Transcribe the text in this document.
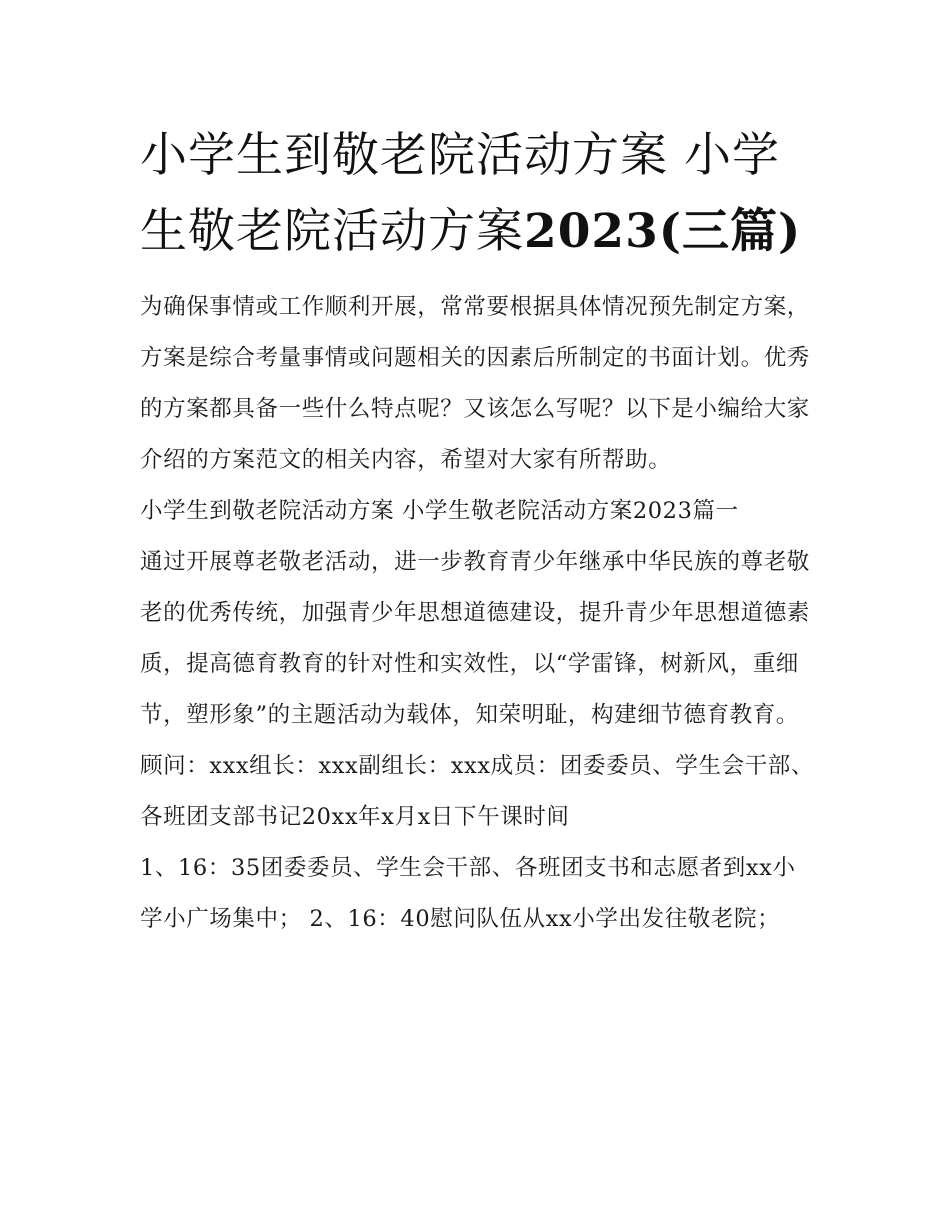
小学生到敬老院活动方案 小学生敬老院活动方案2023(三篇)

为确保事情或工作顺利开展，常常要根据具体情况预先制定方案，方案是综合考量事情或问题相关的因素后所制定的书面计划。优秀的方案都具备一些什么特点呢？又该怎么写呢？以下是小编给大家介绍的方案范文的相关内容，希望对大家有所帮助。

小学生到敬老院活动方案 小学生敬老院活动方案2023篇一

通过开展尊老敬老活动，进一步教育青少年继承中华民族的尊老敬老的优秀传统，加强青少年思想道德建设，提升青少年思想道德素质，提高德育教育的针对性和实效性，以“学雷锋，树新风，重细节，塑形象”的主题活动为载体，知荣明耻，构建细节德育教育。

顾问：xxx组长：xxx副组长：xxx成员：团委委员、学生会干部、各班团支部书记20xx年x月x日下午课时间

1、16：35团委委员、学生会干部、各班团支书和志愿者到xx小学小广场集中； 2、16：40慰问队伍从xx小学出发往敬老院；
